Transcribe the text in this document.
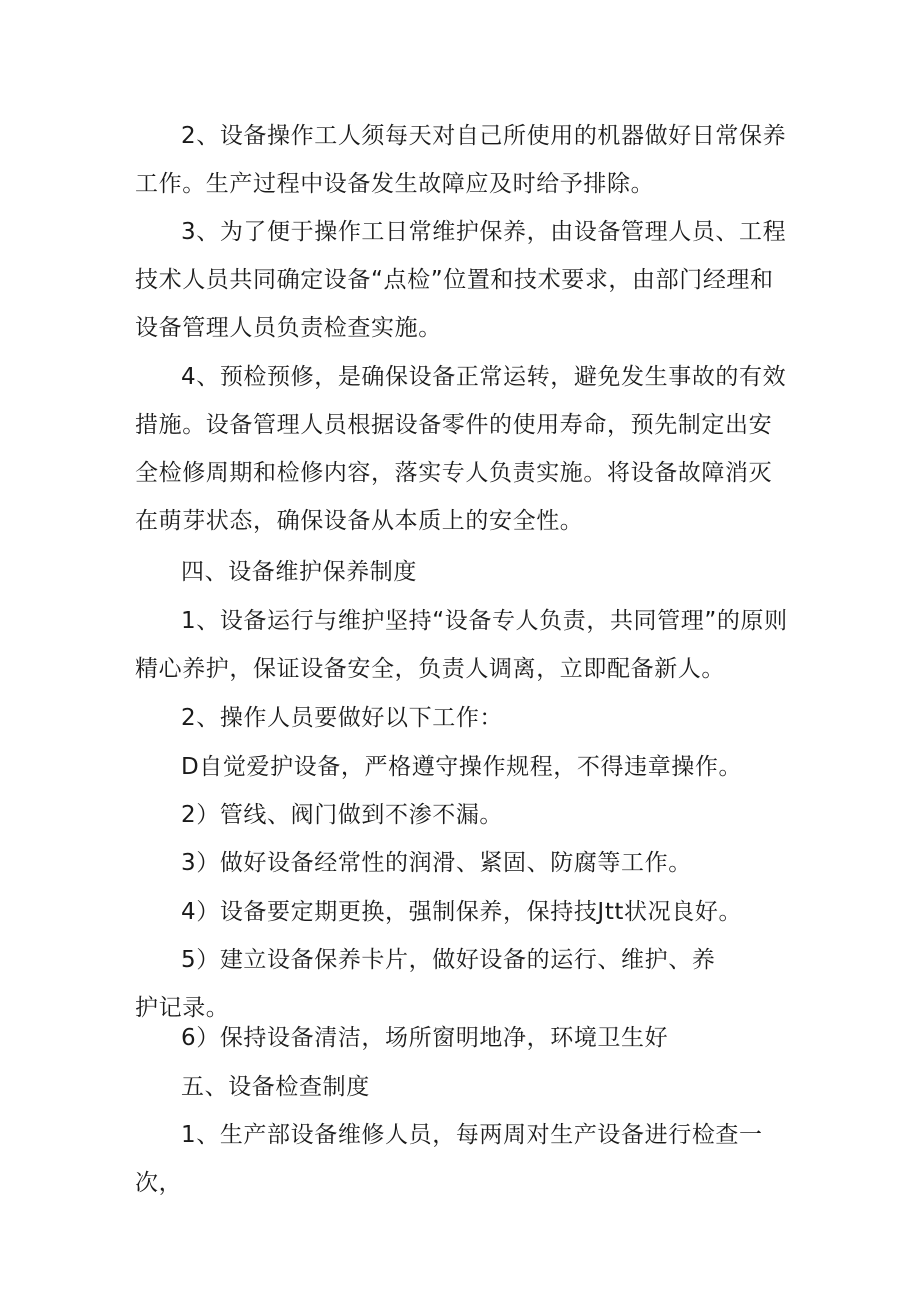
2、设备操作工人须每天对自己所使用的机器做好日常保养工作。生产过程中设备发生故障应及时给予排除。

3、为了便于操作工日常维护保养，由设备管理人员、工程技术人员共同确定设备“点检”位置和技术要求，由部门经理和设备管理人员负责检查实施。

4、预检预修，是确保设备正常运转，避免发生事故的有效措施。设备管理人员根据设备零件的使用寿命，预先制定出安全检修周期和检修内容，落实专人负责实施。将设备故障消灭在萌芽状态，确保设备从本质上的安全性。

四、设备维护保养制度

1、设备运行与维护坚持“设备专人负责，共同管理”的原则精心养护，保证设备安全，负责人调离，立即配备新人。

2、操作人员要做好以下工作：

D自觉爱护设备，严格遵守操作规程，不得违章操作。

2）管线、阀门做到不渗不漏。

3）做好设备经常性的润滑、紧固、防腐等工作。

4）设备要定期更换，强制保养，保持技Jtt状况良好。

5）建立设备保养卡片，做好设备的运行、维护、养护记录。

6）保持设备清洁，场所窗明地净，环境卫生好

五、设备检查制度

1、生产部设备维修人员，每两周对生产设备进行检查一次，
